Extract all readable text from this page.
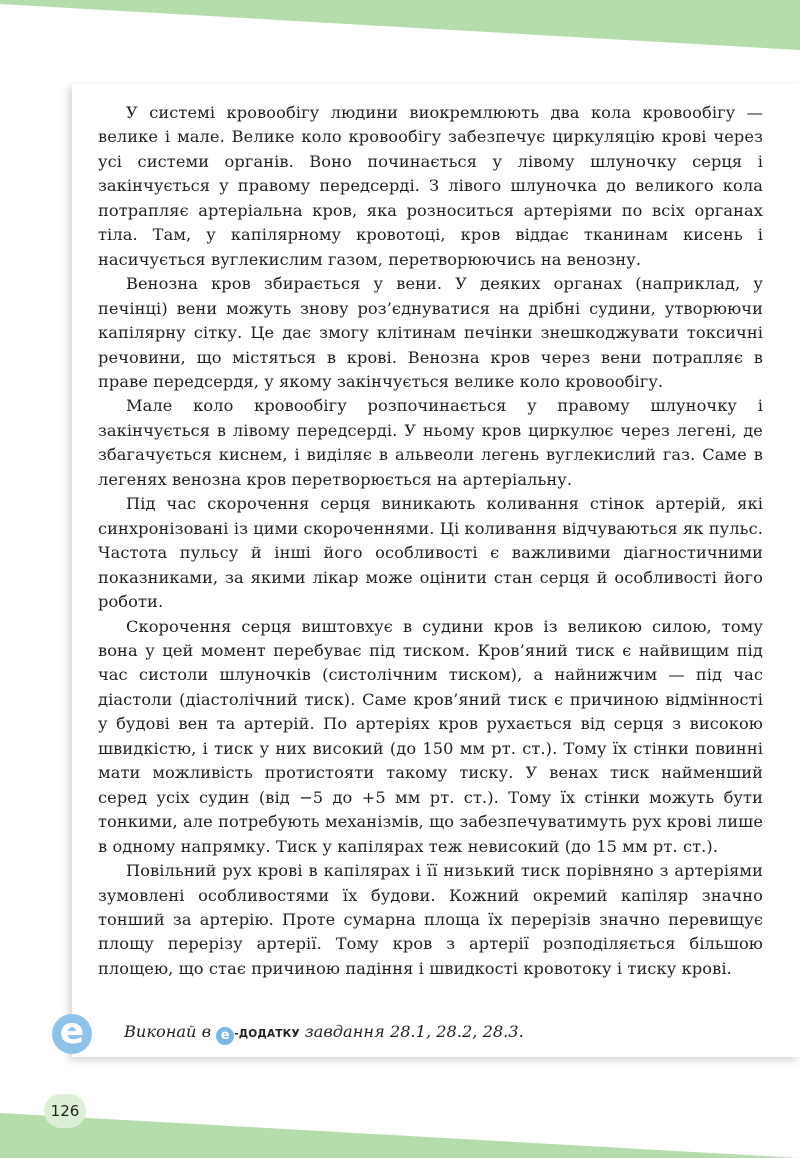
У системі кровообігу людини виокремлюють два кола кровообігу — велике і мале. Велике коло кровообігу забезпечує циркуляцію крові через усі системи органів. Воно починається у лівому шлуночку серця і закінчується у правому передсерді. З лівого шлуночка до великого кола потрапляє артеріальна кров, яка розноситься артеріями по всіх органах тіла. Там, у капілярному кровотоці, кров віддає тканинам кисень і насичується вуглекислим газом, перетворюючись на венозну.

Венозна кров збирається у вени. У деяких органах (наприклад, у печінці) вени можуть знову роз’єднуватися на дрібні судини, утворюючи капілярну сітку. Це дає змогу клітинам печінки знешкоджувати токсичні речовини, що містяться в крові. Венозна кров через вени потрапляє в праве передсердя, у якому закінчується велике коло кровообігу.

Мале коло кровообігу розпочинається у правому шлуночку і закінчується в лівому передсерді. У ньому кров циркулює через легені, де збагачується киснем, і виділяє в альвеоли легень вуглекислий газ. Саме в легенях венозна кров перетворюється на артеріальну.

Під час скорочення серця виникають коливання стінок артерій, які синхронізовані із цими скороченнями. Ці коливання відчуваються як пульс. Частота пульсу й інші його особливості є важливими діагностичними показниками, за якими лікар може оцінити стан серця й особливості його роботи.

Скорочення серця виштовхує в судини кров із великою силою, тому вона у цей момент перебуває під тиском. Кров’яний тиск є найвищим під час систоли шлуночків (систолічним тиском), а найнижчим — під час діастоли (діастолічний тиск). Саме кров’яний тиск є причиною відмінності у будові вен та артерій. По артеріях кров рухається від серця з високою швидкістю, і тиск у них високий (до 150 мм рт. ст.). Тому їх стінки повинні мати можливість протистояти такому тиску. У венах тиск найменший серед усіх судин (від −5 до +5 мм рт. ст.). Тому їх стінки можуть бути тонкими, але потребують механізмів, що забезпечуватимуть рух крові лише в одному напрямку. Тиск у капілярах теж невисокий (до 15 мм рт. ст.).

Повільний рух крові в капілярах і її низький тиск порівняно з артеріями зумовлені особливостями їх будови. Кожний окремий капіляр значно тонший за артерію. Проте сумарна площа їх перерізів значно перевищує площу перерізу артерії. Тому кров з артерії розподіляється більшою площею, що стає причиною падіння і швидкості кровотоку і тиску крові.

Виконай в е -ДОДАТКУ завдання 28.1, 28.2, 28.3.
е
126
